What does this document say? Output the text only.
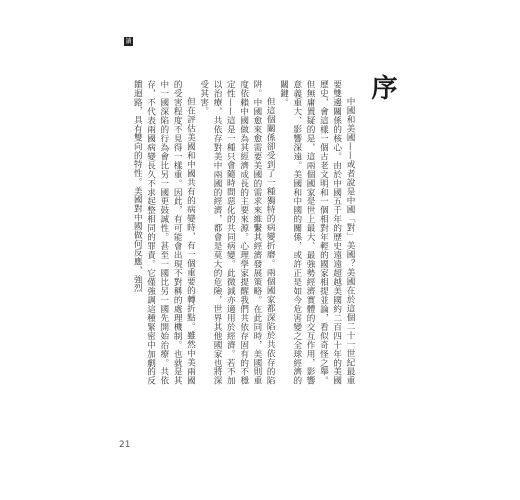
讀
序

中國和美國——或者說是中國「對」美國？美國在於這個二十一世紀最重要雙邊關係的核心。由於中國五千年的歷史遠遠超越美國約二百四十年的美國歷史，會這樣一個古老文明和一個相對年輕的國家相提並論，看似奇怪之舉。但無庸置疑的是，這兩個國家是世上最大、最強勢經濟實體的交互作用，影響意義重大、影響深遠。美國和中國的關係，或許正是如今危害變之全球經濟的關鍵。

但這個關係卻受到了一種獨特的病變折磨。兩個國家都深陷於共依存的陷阱。中國愈來愈需要美國的需求來維繫其經濟發展策略。在此同時，美國則重度依賴中國做為其經濟成長的主要來源。心理學家提醒我們共依存固有的不穩定性——這是一種只會隨時間惡化的共同病變。此微減亦適用於經濟。若不加以治療，共依存對美中兩國的經濟，都會是莫大的危險，世界其他國家也將深受其害。

但在評估美國和中國共有的病變時，有一個重要的轉折點。雖然中美兩國的受害程度不見得一樣重。因此，有可能會出現不對稱的處理機制。也就是其中一國深陷的行為會比另一國更鼓誠性。甚至一國比另一國先開始治療。共依存，不代表兩國病變長久不求起整相同的罪責。它僅強調這種緊密中加劇的反饋迴路，具有雙向的特性。美國對中國做何反應，強烈

21
